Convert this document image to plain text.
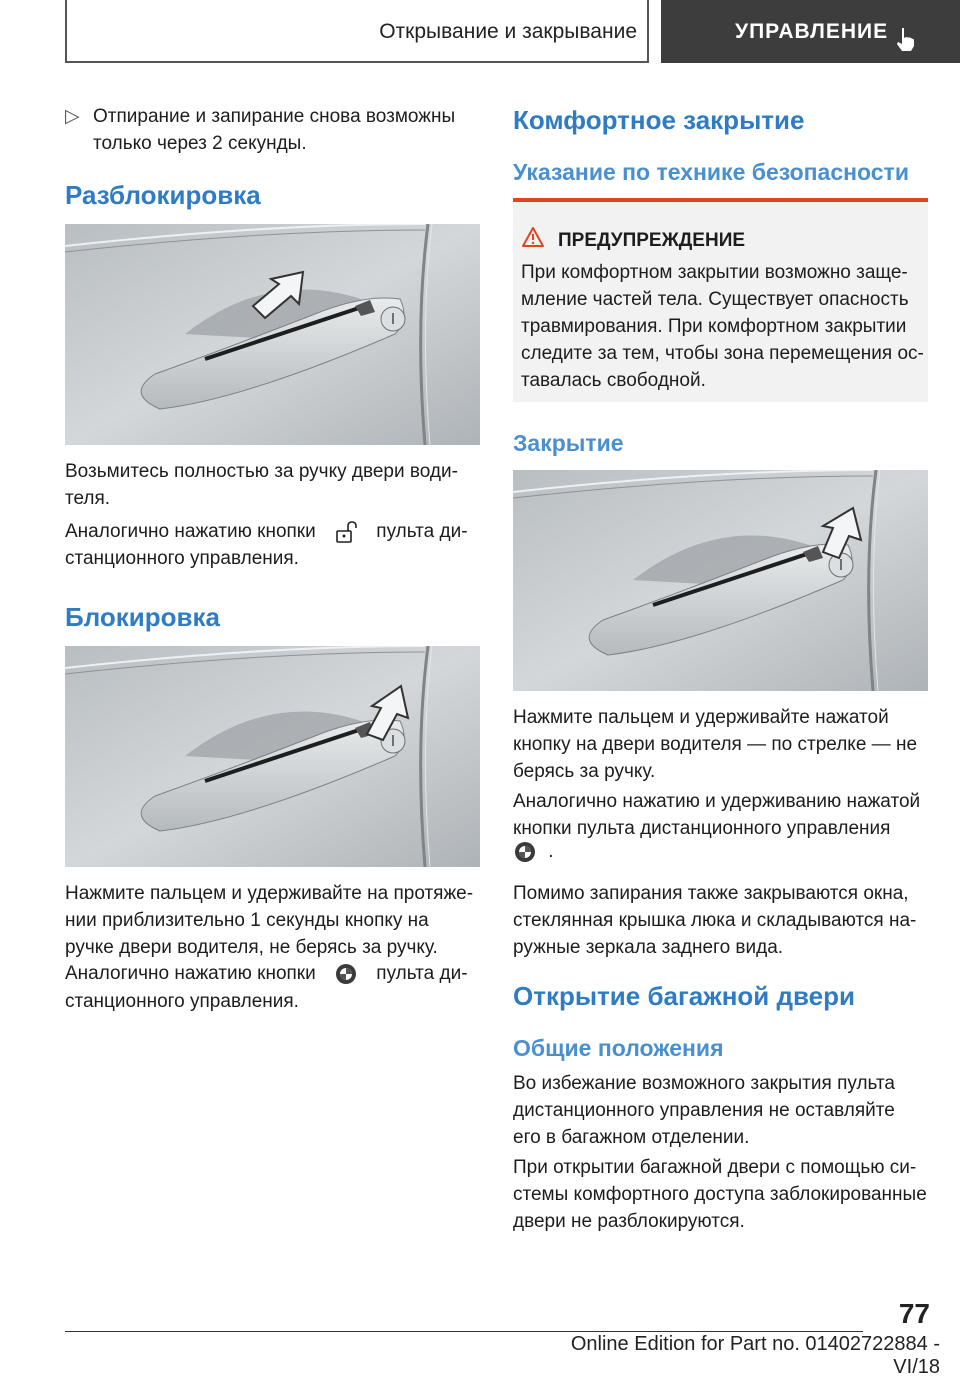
Открывание и закрывание	УПРАВЛЕНИЕ
▷ Отпирание и запирание снова возможны
только через 2 секунды.
Разблокировка
Возьмитесь полностью за ручку двери води-
теля.
Аналогично нажатию кнопки	пульта ди-
станционного управления.
Блокировка
Нажмите пальцем и удерживайте на протяже-
нии приблизительно 1 секунды кнопку на
ручке двери водителя, не берясь за ручку.
Аналогично нажатию кнопки	пульта ди-
станционного управления.
Комфортное закрытие
Указание по технике безопасности
ПРЕДУПРЕЖДЕНИЕ
При комфортном закрытии возможно заще-
мление частей тела. Существует опасность
травмирования. При комфортном закрытии
следите за тем, чтобы зона перемещения ос-
тавалась свободной.
Закрытие
Нажмите пальцем и удерживайте нажатой
кнопку на двери водителя — по стрелке — не
берясь за ручку.
Аналогично нажатию и удерживанию нажатой
кнопки пульта дистанционного управления
.
Помимо запирания также закрываются окна,
стеклянная крышка люка и складываются на-
ружные зеркала заднего вида.
Открытие багажной двери
Общие положения
Во избежание возможного закрытия пульта
дистанционного управления не оставляйте
его в багажном отделении.
При открытии багажной двери с помощью си-
стемы комфортного доступа заблокированные
двери не разблокируются.
77
Online Edition for Part no. 01402722884 - VI/18
